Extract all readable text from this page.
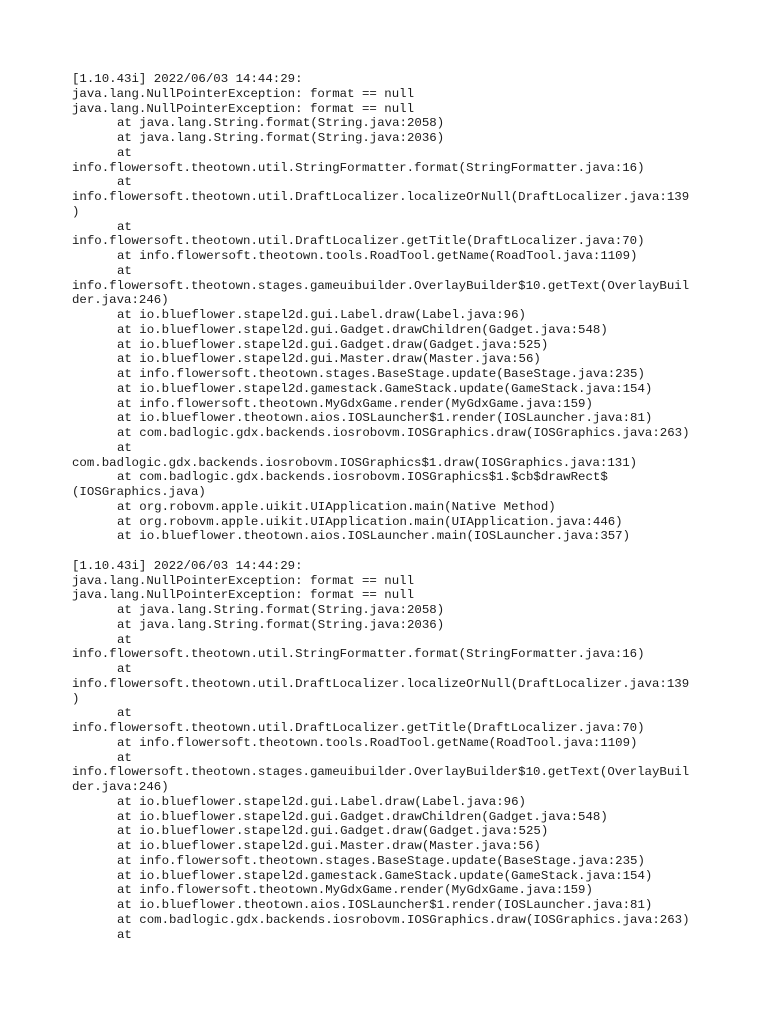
[1.10.43i] 2022/06/03 14:44:29:
java.lang.NullPointerException: format == null
java.lang.NullPointerException: format == null
at java.lang.String.format(String.java:2058)
at java.lang.String.format(String.java:2036)
at
info.flowersoft.theotown.util.StringFormatter.format(StringFormatter.java:16)
at
info.flowersoft.theotown.util.DraftLocalizer.localizeOrNull(DraftLocalizer.java:139
)
at
info.flowersoft.theotown.util.DraftLocalizer.getTitle(DraftLocalizer.java:70)
at info.flowersoft.theotown.tools.RoadTool.getName(RoadTool.java:1109)
at
info.flowersoft.theotown.stages.gameuibuilder.OverlayBuilder$10.getText(OverlayBuil
der.java:246)
at io.blueflower.stapel2d.gui.Label.draw(Label.java:96)
at io.blueflower.stapel2d.gui.Gadget.drawChildren(Gadget.java:548)
at io.blueflower.stapel2d.gui.Gadget.draw(Gadget.java:525)
at io.blueflower.stapel2d.gui.Master.draw(Master.java:56)
at info.flowersoft.theotown.stages.BaseStage.update(BaseStage.java:235)
at io.blueflower.stapel2d.gamestack.GameStack.update(GameStack.java:154)
at info.flowersoft.theotown.MyGdxGame.render(MyGdxGame.java:159)
at io.blueflower.theotown.aios.IOSLauncher$1.render(IOSLauncher.java:81)
at com.badlogic.gdx.backends.iosrobovm.IOSGraphics.draw(IOSGraphics.java:263)
at
com.badlogic.gdx.backends.iosrobovm.IOSGraphics$1.draw(IOSGraphics.java:131)
at com.badlogic.gdx.backends.iosrobovm.IOSGraphics$1.$cb$drawRect$
(IOSGraphics.java)
at org.robovm.apple.uikit.UIApplication.main(Native Method)
at org.robovm.apple.uikit.UIApplication.main(UIApplication.java:446)
at io.blueflower.theotown.aios.IOSLauncher.main(IOSLauncher.java:357)
[1.10.43i] 2022/06/03 14:44:29:
java.lang.NullPointerException: format == null
java.lang.NullPointerException: format == null
at java.lang.String.format(String.java:2058)
at java.lang.String.format(String.java:2036)
at
info.flowersoft.theotown.util.StringFormatter.format(StringFormatter.java:16)
at
info.flowersoft.theotown.util.DraftLocalizer.localizeOrNull(DraftLocalizer.java:139
)
at
info.flowersoft.theotown.util.DraftLocalizer.getTitle(DraftLocalizer.java:70)
at info.flowersoft.theotown.tools.RoadTool.getName(RoadTool.java:1109)
at
info.flowersoft.theotown.stages.gameuibuilder.OverlayBuilder$10.getText(OverlayBuil
der.java:246)
at io.blueflower.stapel2d.gui.Label.draw(Label.java:96)
at io.blueflower.stapel2d.gui.Gadget.drawChildren(Gadget.java:548)
at io.blueflower.stapel2d.gui.Gadget.draw(Gadget.java:525)
at io.blueflower.stapel2d.gui.Master.draw(Master.java:56)
at info.flowersoft.theotown.stages.BaseStage.update(BaseStage.java:235)
at io.blueflower.stapel2d.gamestack.GameStack.update(GameStack.java:154)
at info.flowersoft.theotown.MyGdxGame.render(MyGdxGame.java:159)
at io.blueflower.theotown.aios.IOSLauncher$1.render(IOSLauncher.java:81)
at com.badlogic.gdx.backends.iosrobovm.IOSGraphics.draw(IOSGraphics.java:263)
at
